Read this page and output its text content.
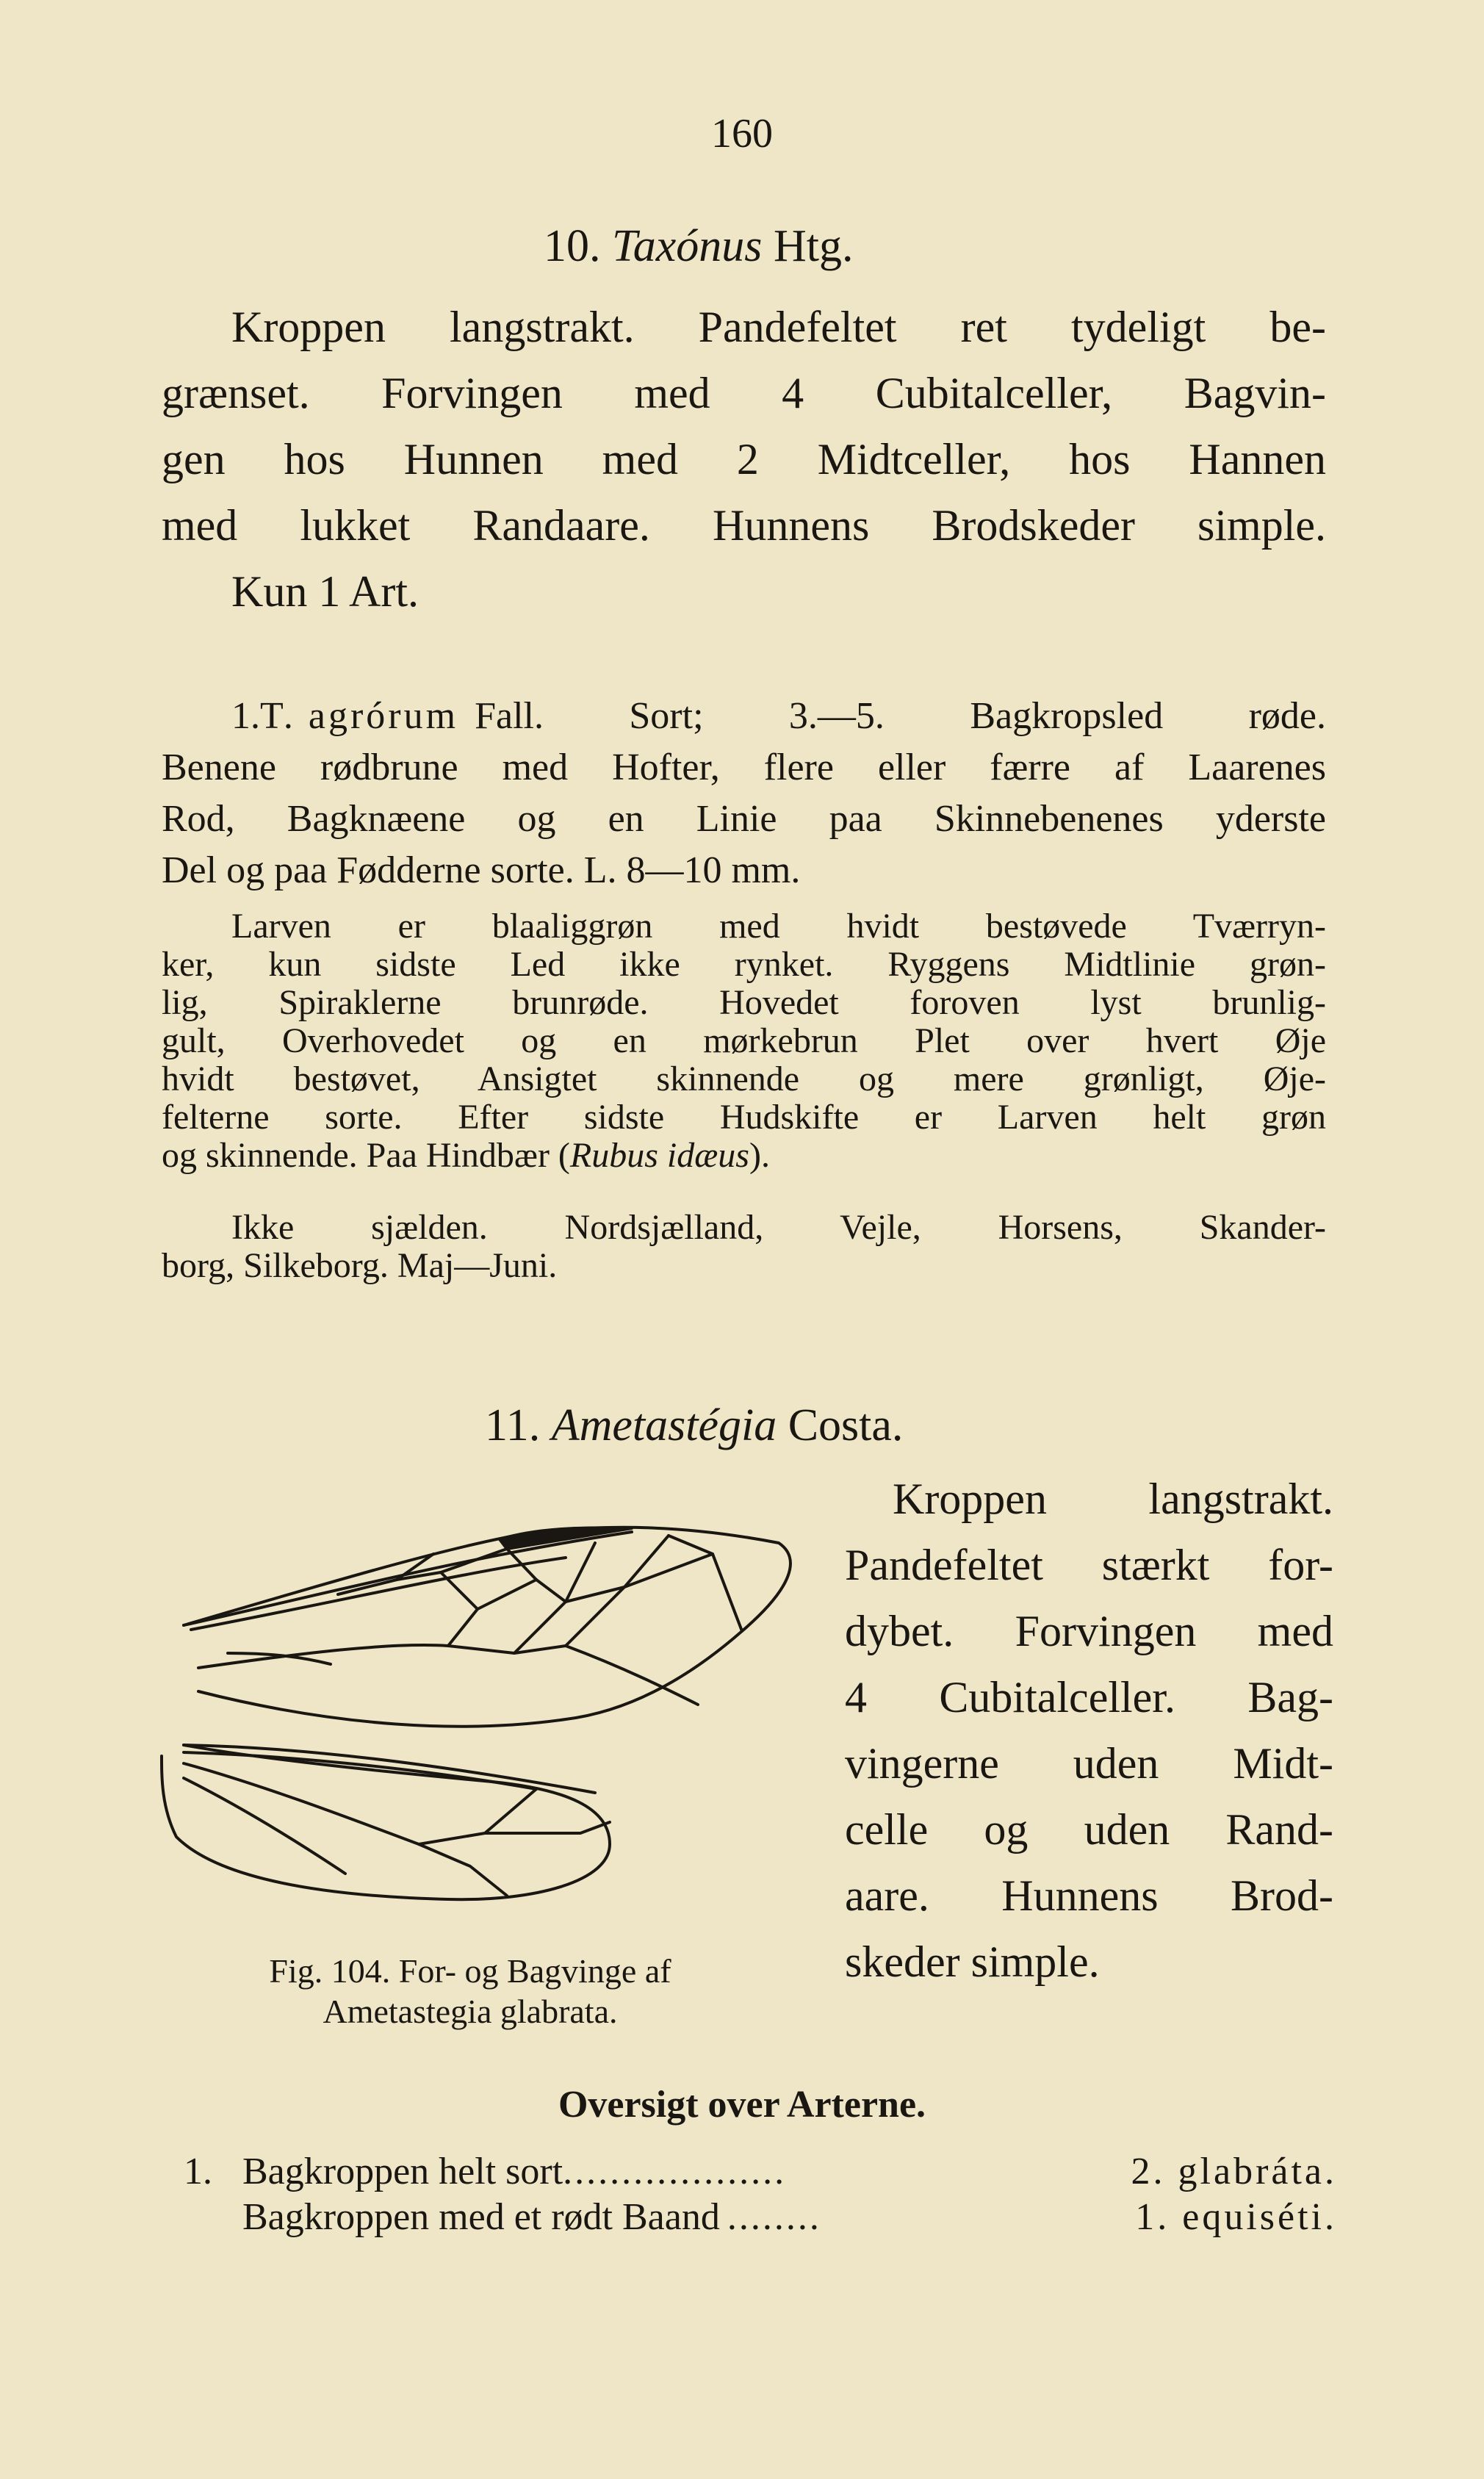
160
10. Taxónus Htg.
Kroppen langstrakt. Pandefeltet ret tydeligt be-
grænset. Forvingen med 4 Cubitalceller, Bagvin-
gen hos Hunnen med 2 Midtceller, hos Hannen
med lukket Randaare. Hunnens Brodskeder simple.
Kun 1 Art.
1. T. agrórum Fall. Sort; 3.—5. Bagkropsled røde.
Benene rødbrune med Hofter, flere eller færre af Laarenes
Rod, Bagknæene og en Linie paa Skinnebenenes yderste
Del og paa Fødderne sorte. L. 8—10 mm.
Larven er blaaliggrøn med hvidt bestøvede Tværryn-
ker, kun sidste Led ikke rynket. Ryggens Midtlinie grøn-
lig, Spiraklerne brunrøde. Hovedet foroven lyst brunlig-
gult, Overhovedet og en mørkebrun Plet over hvert Øje
hvidt bestøvet, Ansigtet skinnende og mere grønligt, Øje-
felterne sorte. Efter sidste Hudskifte er Larven helt grøn
og skinnende. Paa Hindbær (Rubus idæus).
Ikke sjælden. Nordsjælland, Vejle, Horsens, Skander-
borg, Silkeborg. Maj—Juni.
11. Ametastégia Costa.
Kroppen langstrakt.
Pandefeltet stærkt for-
dybet. Forvingen med
4 Cubitalceller. Bag-
vingerne uden Midt-
celle og uden Rand-
aare. Hunnens Brod-
skeder simple.
Fig. 104. For- og Bagvinge af
Ametastegia glabrata.
Oversigt over Arterne.
1. Bagkroppen helt sort ...................	2. glabráta.
Bagkroppen med et rødt Baand ........	1. equiséti.
